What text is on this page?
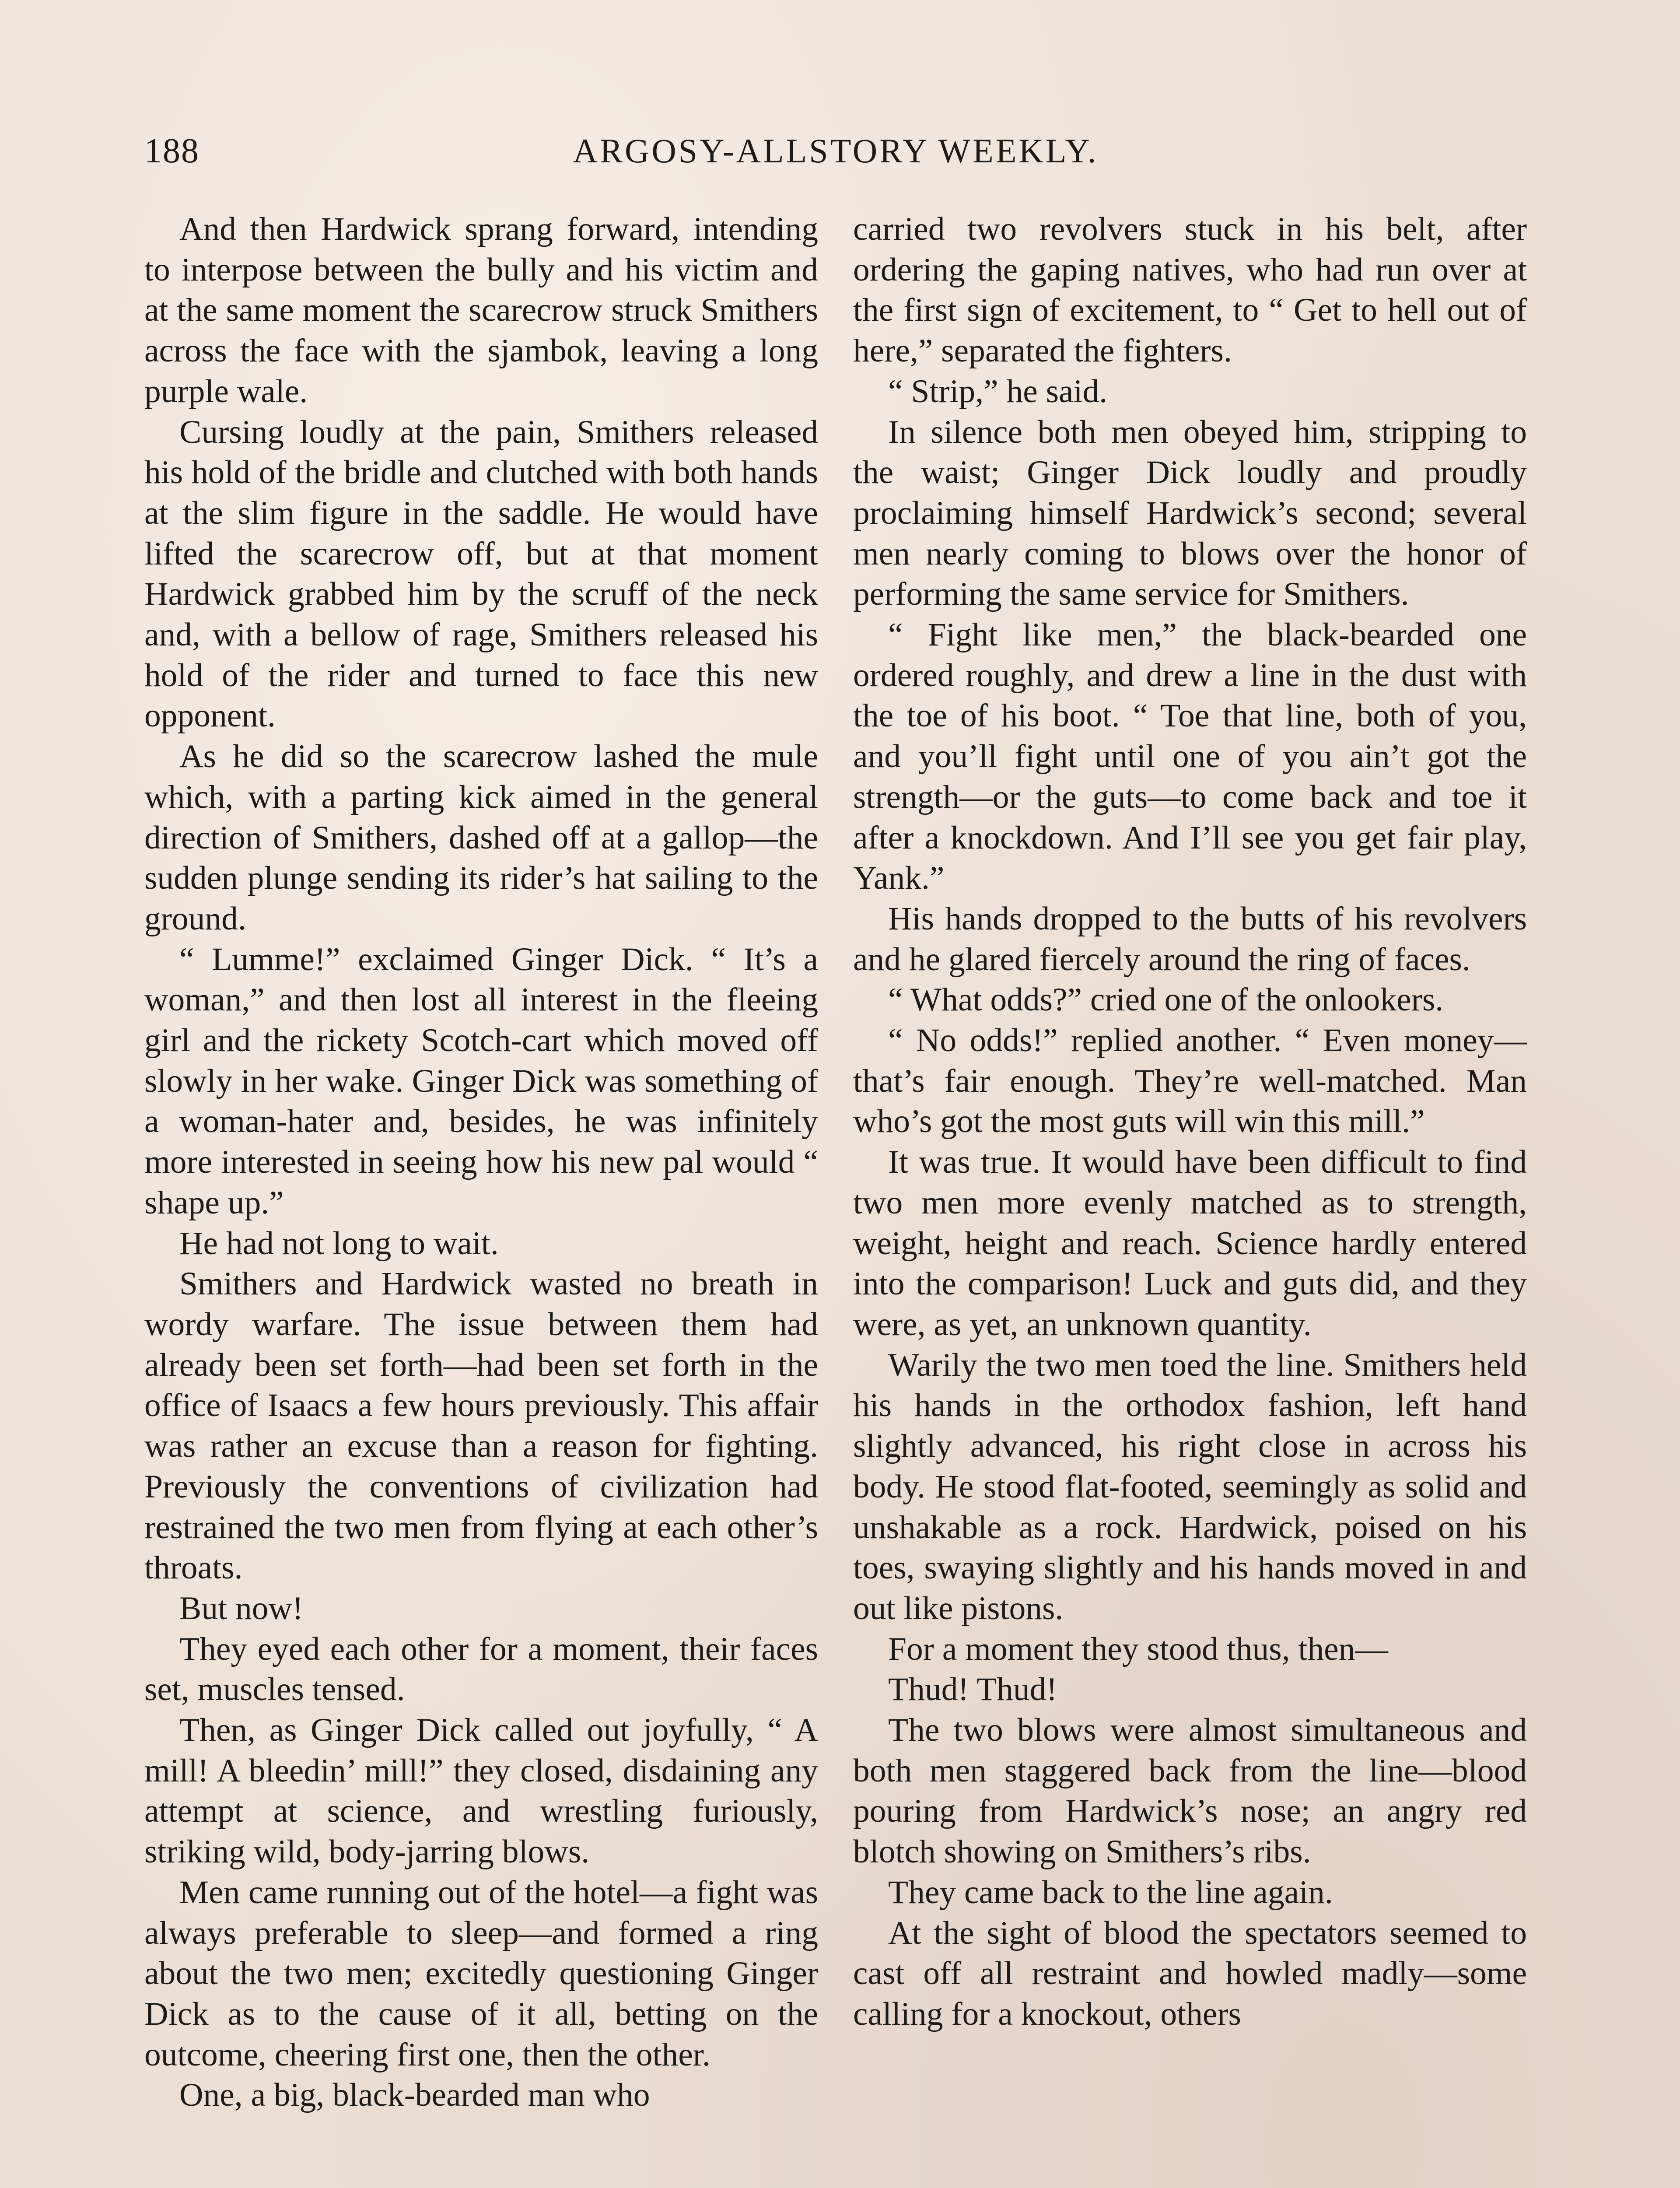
188	ARGOSY-ALLSTORY WEEKLY.

And then Hardwick sprang forward, intending to interpose between the bully and his victim and at the same moment the scarecrow struck Smithers across the face with the sjambok, leaving a long purple wale.

Cursing loudly at the pain, Smithers released his hold of the bridle and clutched with both hands at the slim figure in the saddle. He would have lifted the scarecrow off, but at that moment Hardwick grabbed him by the scruff of the neck and, with a bellow of rage, Smithers released his hold of the rider and turned to face this new opponent.

As he did so the scarecrow lashed the mule which, with a parting kick aimed in the general direction of Smithers, dashed off at a gallop—the sudden plunge sending its rider’s hat sailing to the ground.

“ Lumme!” exclaimed Ginger Dick. “ It’s a woman,” and then lost all interest in the fleeing girl and the rickety Scotch-cart which moved off slowly in her wake. Ginger Dick was something of a woman-hater and, besides, he was infinitely more interested in seeing how his new pal would “ shape up.”

He had not long to wait.

Smithers and Hardwick wasted no breath in wordy warfare. The issue between them had already been set forth—had been set forth in the office of Isaacs a few hours previously. This affair was rather an excuse than a reason for fighting. Previously the conventions of civilization had restrained the two men from flying at each other’s throats.

But now!

They eyed each other for a moment, their faces set, muscles tensed.

Then, as Ginger Dick called out joyfully, “ A mill! A bleedin’ mill!” they closed, disdaining any attempt at science, and wrestling furiously, striking wild, body-jarring blows.

Men came running out of the hotel—a fight was always preferable to sleep—and formed a ring about the two men; excitedly questioning Ginger Dick as to the cause of it all, betting on the outcome, cheering first one, then the other.

One, a big, black-bearded man who

carried two revolvers stuck in his belt, after ordering the gaping natives, who had run over at the first sign of excitement, to “ Get to hell out of here,” separated the fighters.

“ Strip,” he said.

In silence both men obeyed him, stripping to the waist; Ginger Dick loudly and proudly proclaiming himself Hardwick’s second; several men nearly coming to blows over the honor of performing the same service for Smithers.

“ Fight like men,” the black-bearded one ordered roughly, and drew a line in the dust with the toe of his boot. “ Toe that line, both of you, and you’ll fight until one of you ain’t got the strength—or the guts—to come back and toe it after a knockdown. And I’ll see you get fair play, Yank.”

His hands dropped to the butts of his revolvers and he glared fiercely around the ring of faces.

“ What odds?” cried one of the onlookers.

“ No odds!” replied another. “ Even money—that’s fair enough. They’re well-matched. Man who’s got the most guts will win this mill.”

It was true. It would have been difficult to find two men more evenly matched as to strength, weight, height and reach. Science hardly entered into the comparison! Luck and guts did, and they were, as yet, an unknown quantity.

Warily the two men toed the line. Smithers held his hands in the orthodox fashion, left hand slightly advanced, his right close in across his body. He stood flat-footed, seemingly as solid and unshakable as a rock. Hardwick, poised on his toes, swaying slightly and his hands moved in and out like pistons.

For a moment they stood thus, then—

Thud! Thud!

The two blows were almost simultaneous and both men staggered back from the line—blood pouring from Hardwick’s nose; an angry red blotch showing on Smithers’s ribs.

They came back to the line again.

At the sight of blood the spectators seemed to cast off all restraint and howled madly—some calling for a knockout, others
